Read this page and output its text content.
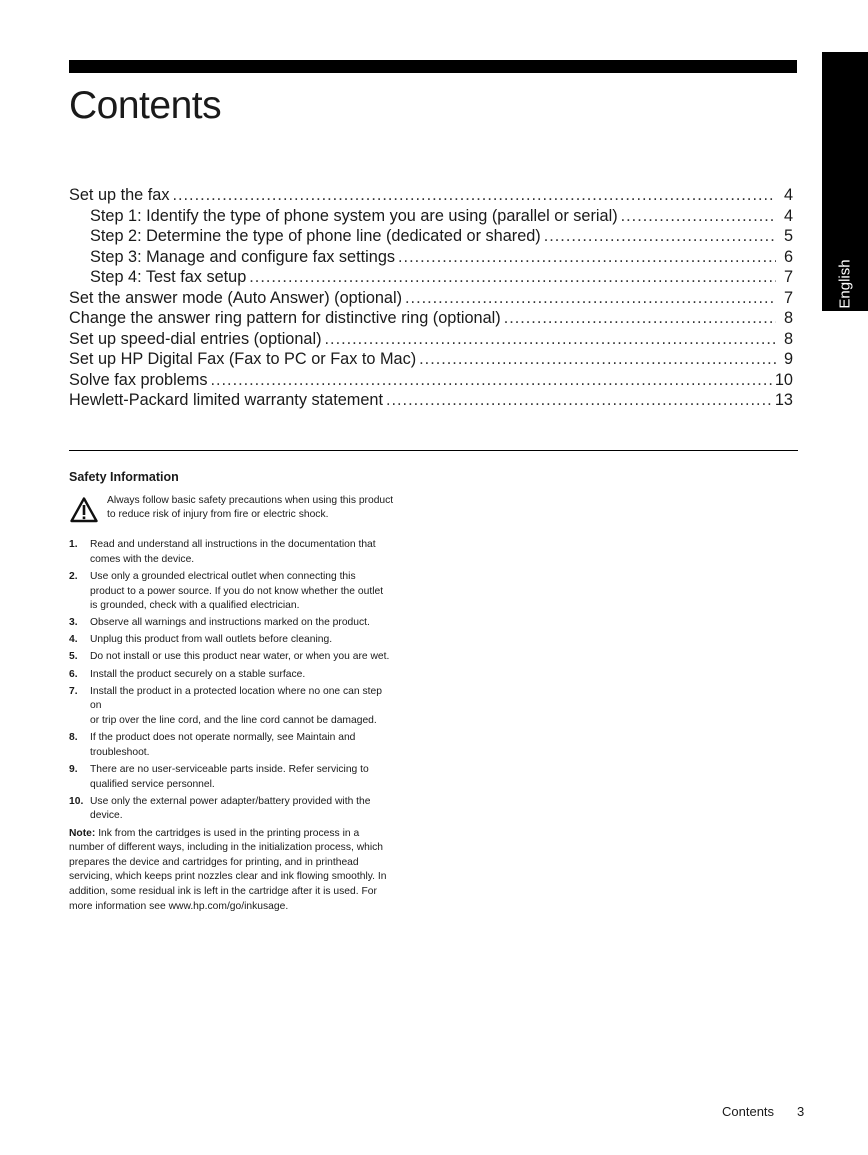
English
Contents
Set up the fax .....	4
Step 1: Identify the type of phone system you are using (parallel or serial) .....	4
Step 2: Determine the type of phone line (dedicated or shared) .....	5
Step 3: Manage and configure fax settings .....	6
Step 4: Test fax setup .....	7
Set the answer mode (Auto Answer) (optional) .....	7
Change the answer ring pattern for distinctive ring (optional) .....	8
Set up speed-dial entries (optional) .....	8
Set up HP Digital Fax (Fax to PC or Fax to Mac) .....	9
Solve fax problems .....	10
Hewlett-Packard limited warranty statement .....	13
Safety Information
Always follow basic safety precautions when using this product
to reduce risk of injury from fire or electric shock.
1.	Read and understand all instructions in the documentation that
comes with the device.
2.	Use only a grounded electrical outlet when connecting this
product to a power source. If you do not know whether the outlet
is grounded, check with a qualified electrician.
3.	Observe all warnings and instructions marked on the product.
4.	Unplug this product from wall outlets before cleaning.
5.	Do not install or use this product near water, or when you are wet.
6.	Install the product securely on a stable surface.
7.	Install the product in a protected location where no one can step
on
or trip over the line cord, and the line cord cannot be damaged.
8.	If the product does not operate normally, see Maintain and
troubleshoot.
9.	There are no user-serviceable parts inside. Refer servicing to
qualified service personnel.
10. Use only the external power adapter/battery provided with the
device.
Note: Ink from the cartridges is used in the printing process in a
number of different ways, including in the initialization process, which
prepares the device and cartridges for printing, and in printhead
servicing, which keeps print nozzles clear and ink flowing smoothly. In
addition, some residual ink is left in the cartridge after it is used. For
more information see www.hp.com/go/inkusage.
Contents 3
